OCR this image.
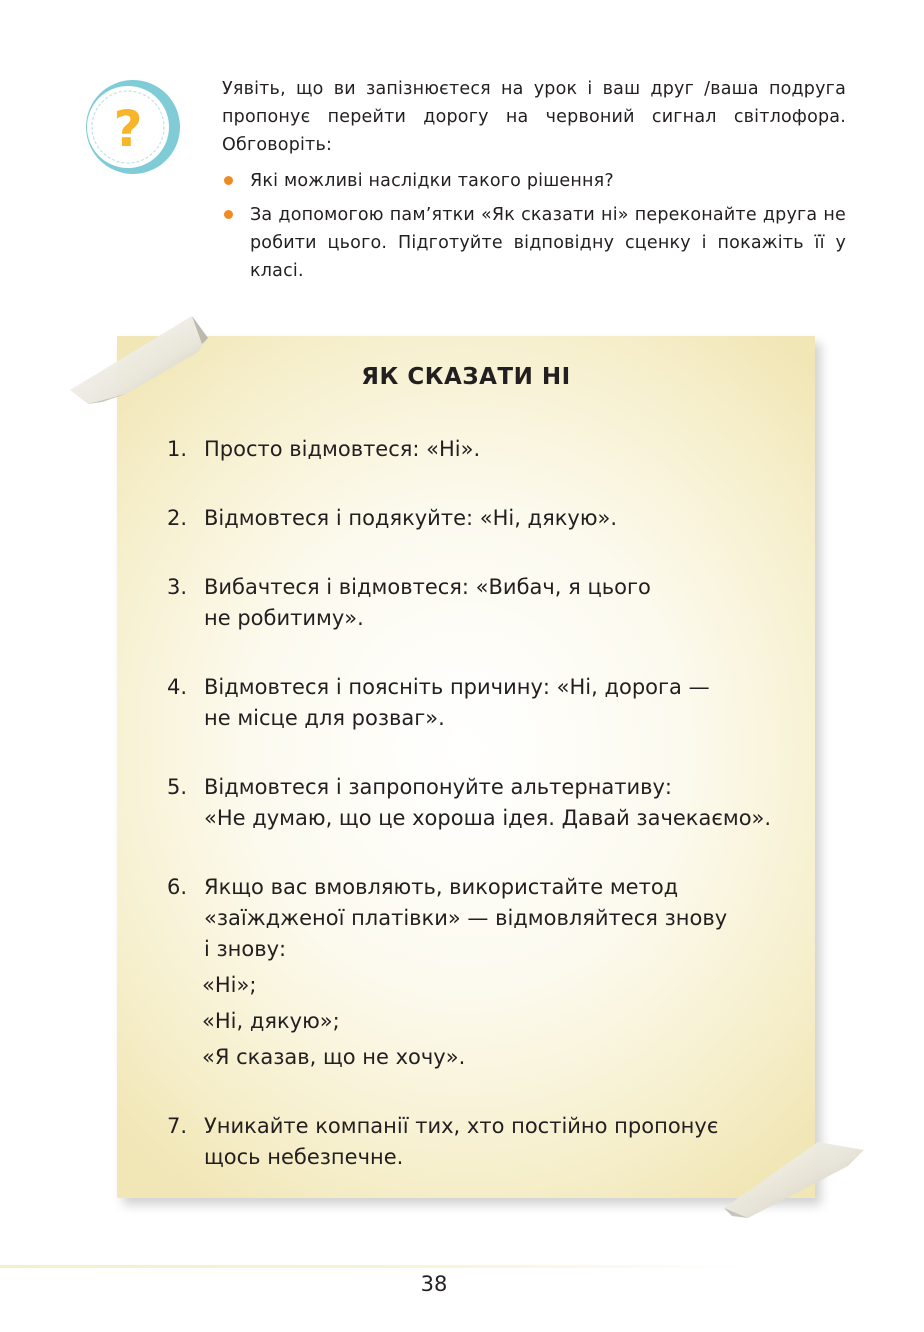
?

Уявіть, що ви запізнюєтеся на урок і ваш друг /ваша подруга пропонує перейти дорогу на червоний сигнал світлофора. Обговоріть:

Які можливі наслідки такого рішення?
За допомогою пам’ятки «Як сказати ні» переконайте друга не робити цього. Підготуйте відповідну сценку і покажіть її у класі.
ЯК СКАЗАТИ НІ
1. Просто відмовтеся: «Ні».
2. Відмовтеся і подякуйте: «Ні, дякую».
3. Вибачтеся і відмовтеся: «Вибач, я цього
не робитиму».
4. Відмовтеся і поясніть причину: «Ні, дорога —
не місце для розваг».
5. Відмовтеся і запропонуйте альтернативу:
«Не думаю, що це хороша ідея. Давай зачекаємо».
6. Якщо вас вмовляють, використайте метод
«заїжджeної платівки» — відмовляйтеся знову
і знову:
«Ні»;
«Ні, дякую»;
«Я сказав, що не хочу».
7. Уникайте компанії тих, хто постійно пропонує
щось небезпечне.
38
